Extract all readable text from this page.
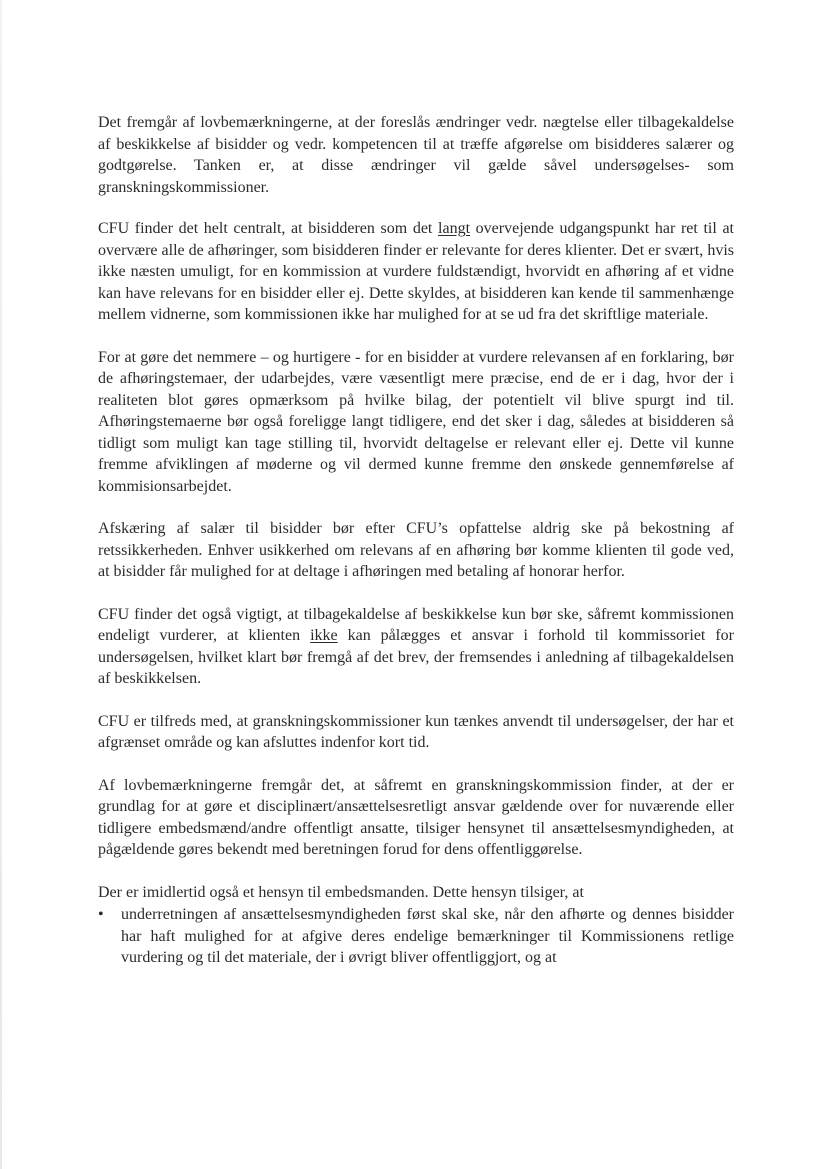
Det fremgår af lovbemærkningerne, at der foreslås ændringer vedr. nægtelse eller tilbagekaldelse af beskikkelse af bisidder og vedr. kompetencen til at træffe afgørelse om bisidderes salærer og godtgørelse. Tanken er, at disse ændringer vil gælde såvel undersøgelses- som granskningskommissioner.

CFU finder det helt centralt, at bisidderen som det langt overvejende udgangspunkt har ret til at overvære alle de afhøringer, som bisidderen finder er relevante for deres klienter. Det er svært, hvis ikke næsten umuligt, for en kommission at vurdere fuldstændigt, hvorvidt en afhøring af et vidne kan have relevans for en bisidder eller ej. Dette skyldes, at bisidderen kan kende til sammenhænge mellem vidnerne, som kommissionen ikke har mulighed for at se ud fra det skriftlige materiale.

For at gøre det nemmere – og hurtigere - for en bisidder at vurdere relevansen af en forklaring, bør de afhøringstemaer, der udarbejdes, være væsentligt mere præcise, end de er i dag, hvor der i realiteten blot gøres opmærksom på hvilke bilag, der potentielt vil blive spurgt ind til. Afhøringstemaerne bør også foreligge langt tidligere, end det sker i dag, således at bisidderen så tidligt som muligt kan tage stilling til, hvorvidt deltagelse er relevant eller ej. Dette vil kunne fremme afviklingen af møderne og vil dermed kunne fremme den ønskede gennemførelse af kommisionsarbejdet.

Afskæring af salær til bisidder bør efter CFU’s opfattelse aldrig ske på bekostning af retssikkerheden. Enhver usikkerhed om relevans af en afhøring bør komme klienten til gode ved, at bisidder får mulighed for at deltage i afhøringen med betaling af honorar herfor.

CFU finder det også vigtigt, at tilbagekaldelse af beskikkelse kun bør ske, såfremt kommissionen endeligt vurderer, at klienten ikke kan pålægges et ansvar i forhold til kommissoriet for undersøgelsen, hvilket klart bør fremgå af det brev, der fremsendes i anledning af tilbagekaldelsen af beskikkelsen.

CFU er tilfreds med, at granskningskommissioner kun tænkes anvendt til undersøgelser, der har et afgrænset område og kan afsluttes indenfor kort tid.

Af lovbemærkningerne fremgår det, at såfremt en granskningskommission finder, at der er grundlag for at gøre et disciplinært/ansættelsesretligt ansvar gældende over for nuværende eller tidligere embedsmænd/andre offentligt ansatte, tilsiger hensynet til ansættelsesmyndigheden, at pågældende gøres bekendt med beretningen forud for dens offentliggørelse.

Der er imidlertid også et hensyn til embedsmanden. Dette hensyn tilsiger, at

• underretningen af ansættelsesmyndigheden først skal ske, når den afhørte og dennes bisidder har haft mulighed for at afgive deres endelige bemærkninger til Kommissionens retlige vurdering og til det materiale, der i øvrigt bliver offentliggjort, og at
